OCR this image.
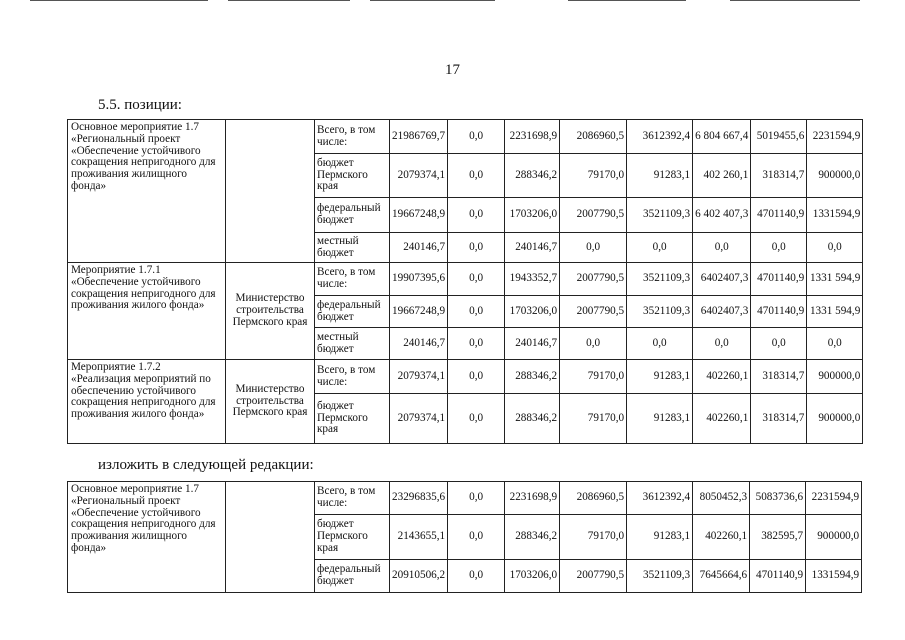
17
5.5. позиции:
Основное мероприятие 1.7 «Региональный проект «Обеспечение устойчивого сокращения непригодного для проживания жилищного фонда»		Всего, в том числе:	21986769,7	0,0	2231698,9	2086960,5	3612392,4	6 804 667,4	5019455,6	2231594,9
		бюджет Пермского края	2079374,1	0,0	288346,2	79170,0	91283,1	402 260,1	318314,7	900000,0
		федеральный бюджет	19667248,9	0,0	1703206,0	2007790,5	3521109,3	6 402 407,3	4701140,9	1331594,9
		местный бюджет	240146,7	0,0	240146,7	0,0	0,0	0,0	0,0	0,0
Мероприятие 1.7.1 «Обеспечение устойчивого сокращения непригодного для проживания жилого фонда»	Министерство строительства Пермского края	Всего, в том числе:	19907395,6	0,0	1943352,7	2007790,5	3521109,3	6402407,3	4701140,9	1331 594,9
		федеральный бюджет	19667248,9	0,0	1703206,0	2007790,5	3521109,3	6402407,3	4701140,9	1331 594,9
		местный бюджет	240146,7	0,0	240146,7	0,0	0,0	0,0	0,0	0,0
Мероприятие 1.7.2 «Реализация мероприятий по обеспечению устойчивого сокращения непригодного для проживания жилого фонда»	Министерство строительства Пермского края	Всего, в том числе:	2079374,1	0,0	288346,2	79170,0	91283,1	402260,1	318314,7	900000,0
		бюджет Пермского края	2079374,1	0,0	288346,2	79170,0	91283,1	402260,1	318314,7	900000,0
изложить в следующей редакции:
Основное мероприятие 1.7 «Региональный проект «Обеспечение устойчивого сокращения непригодного для проживания жилищного фонда»		Всего, в том числе:	23296835,6	0,0	2231698,9	2086960,5	3612392,4	8050452,3	5083736,6	2231594,9
		бюджет Пермского края	2143655,1	0,0	288346,2	79170,0	91283,1	402260,1	382595,7	900000,0
		федеральный бюджет	20910506,2	0,0	1703206,0	2007790,5	3521109,3	7645664,6	4701140,9	1331594,9
